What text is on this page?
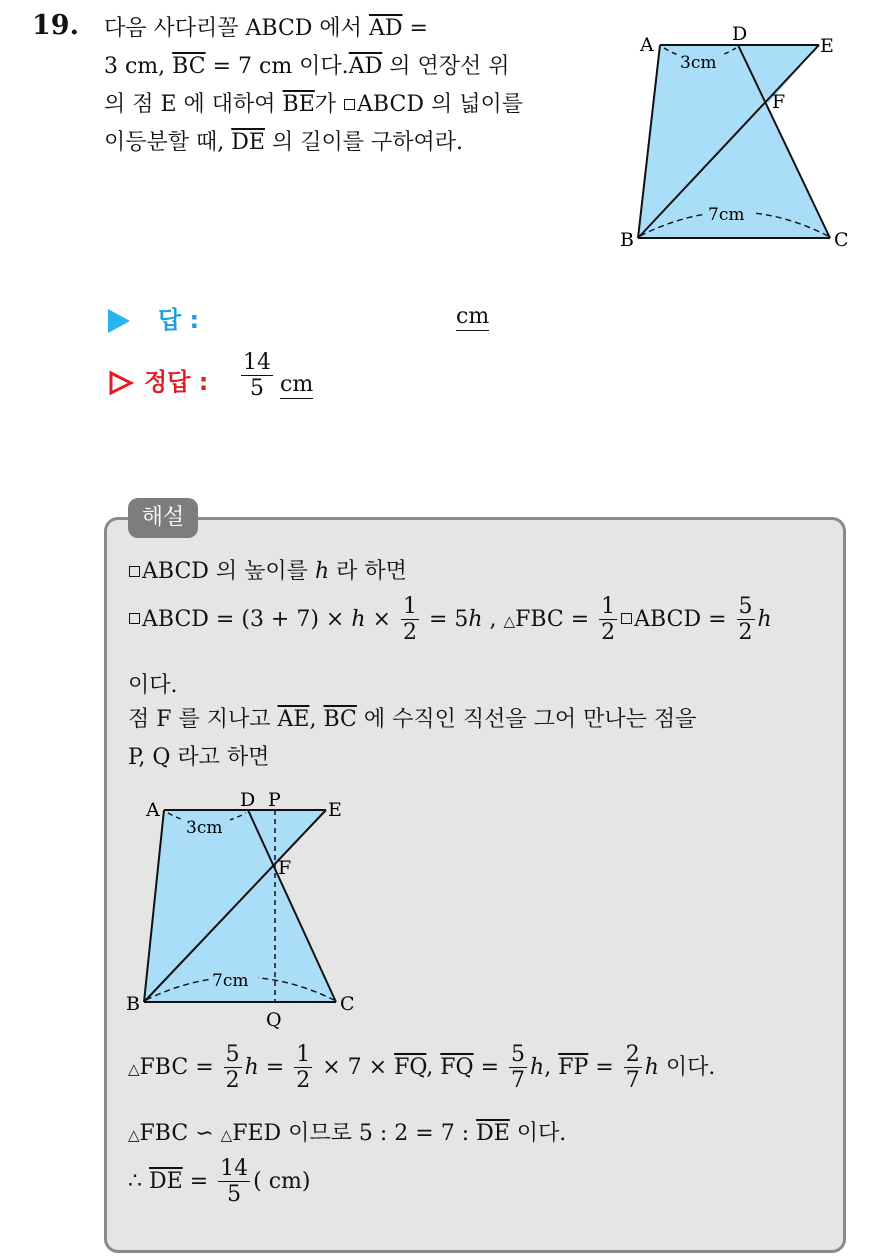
19. 다음 사다리꼴 ABCD 에서 $\overline{AD}$ =
3 cm, $\overline{BC} = 7$ cm 이다$.\overline{AD}$ 의 연장선 위
의 점 E 에 대하여 $\overline{BE}$가 ABCD 의 넓이를
이등분할 때, $\overline{DE}$ 의 길이를 구하여라.
A	D
E
F
B	C
3cm
7cm
답 :	cm
정답 : $\frac{14}{5}$ cm
해설
ABCD 의 높이를 h 라 하면
ABCD = $(3 + 7) \times h \times \frac{1}{2} = 5h$ , △FBC = $\frac{1}{2}$ ABCD = $\frac{5}{2}$ h
이다.
점 F 를 지나고 $\overline{AE}$, $\overline{BC}$ 에 수직인 직선을 그어 만나는 점을
P, Q 라고 하면
A	D P E
F
B	C
Q
3cm
7cm
△FBC = $\frac{5}{2}$ $h = \frac{1}{2} \times 7 \times \overline{FQ}$, $\overline{FQ} = \frac{5}{7} h$, $\overline{FP} = \frac{2}{7}$ h 이다.
△FBC ∽ △FED 이므로 5 : 2 = 7 : $\overline{DE}$ 이다.
∴ $\overline{DE} = \frac{14}{5}$ ( cm)
